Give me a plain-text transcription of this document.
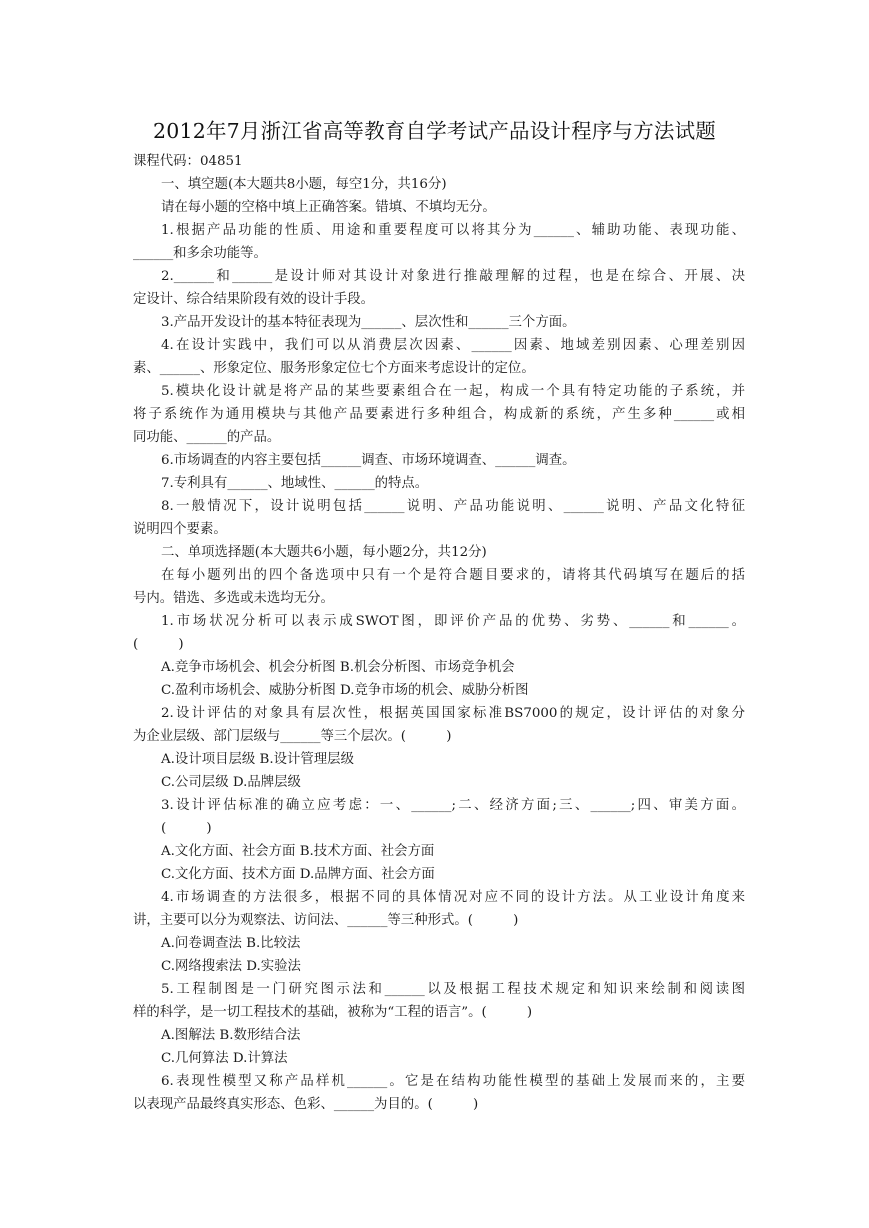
2012年7月浙江省高等教育自学考试产品设计程序与方法试题
课程代码：04851
一、填空题(本大题共8小题，每空1分，共16分)
请在每小题的空格中填上正确答案。错填、不填均无分。
1.根据产品功能的性质、用途和重要程度可以将其分为______、辅助功能、表现功能、
______和多余功能等。
2.______和______是设计师对其设计对象进行推敲理解的过程，也是在综合、开展、决
定设计、综合结果阶段有效的设计手段。
3.产品开发设计的基本特征表现为______、层次性和______三个方面。
4.在设计实践中，我们可以从消费层次因素、______因素、地域差别因素、心理差别因
素、______、形象定位、服务形象定位七个方面来考虑设计的定位。
5.模块化设计就是将产品的某些要素组合在一起，构成一个具有特定功能的子系统，并
将子系统作为通用模块与其他产品要素进行多种组合，构成新的系统，产生多种______或相
同功能、______的产品。
6.市场调查的内容主要包括______调查、市场环境调查、______调查。
7.专利具有______、地域性、______的特点。
8.一般情况下，设计说明包括______说明、产品功能说明、______说明、产品文化特征
说明四个要素。
二、单项选择题(本大题共6小题，每小题2分，共12分)
在每小题列出的四个备选项中只有一个是符合题目要求的，请将其代码填写在题后的括
号内。错选、多选或未选均无分。
1.市场状况分析可以表示成SWOT图，即评价产品的优势、劣势、______和______。
(　　　)
A.竞争市场机会、机会分析图 B.机会分析图、市场竞争机会
C.盈利市场机会、威胁分析图 D.竞争市场的机会、威胁分析图
2.设计评估的对象具有层次性，根据英国国家标准BS7000的规定，设计评估的对象分
为企业层级、部门层级与______等三个层次。(　　　)
A.设计项目层级 B.设计管理层级
C.公司层级 D.品牌层级
3.设计评估标准的确立应考虑：一、______;二、经济方面;三、______;四、审美方面。
(　　　)
A.文化方面、社会方面 B.技术方面、社会方面
C.文化方面、技术方面 D.品牌方面、社会方面
4.市场调查的方法很多，根据不同的具体情况对应不同的设计方法。从工业设计角度来
讲，主要可以分为观察法、访问法、______等三种形式。(　　　)
A.问卷调查法 B.比较法
C.网络搜索法 D.实验法
5.工程制图是一门研究图示法和______以及根据工程技术规定和知识来绘制和阅读图
样的科学，是一切工程技术的基础，被称为“工程的语言”。(　　　)
A.图解法 B.数形结合法
C.几何算法 D.计算法
6.表现性模型又称产品样机______。它是在结构功能性模型的基础上发展而来的，主要
以表现产品最终真实形态、色彩、______为目的。(　　　)
